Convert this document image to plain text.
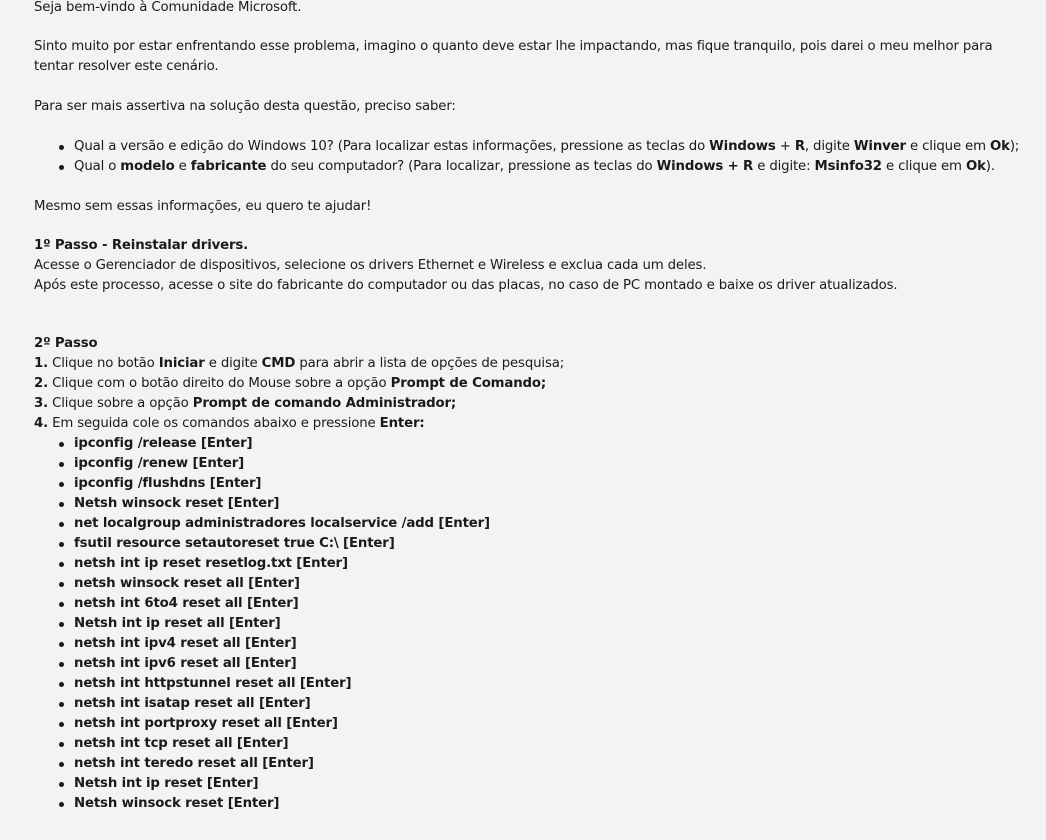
Seja bem-vindo à Comunidade Microsoft.
Sinto muito por estar enfrentando esse problema, imagino o quanto deve estar lhe impactando, mas fique tranquilo, pois darei o meu melhor para
tentar resolver este cenário.
Para ser mais assertiva na solução desta questão, preciso saber:
Qual a versão e edição do Windows 10? (Para localizar estas informações, pressione as teclas do Windows + R, digite Winver e clique em Ok);
Qual o modelo e fabricante do seu computador? (Para localizar, pressione as teclas do Windows + R e digite: Msinfo32 e clique em Ok).
Mesmo sem essas informações, eu quero te ajudar!
1º Passo - Reinstalar drivers.
Acesse o Gerenciador de dispositivos, selecione os drivers Ethernet e Wireless e exclua cada um deles.
Após este processo, acesse o site do fabricante do computador ou das placas, no caso de PC montado e baixe os driver atualizados.
2º Passo
1. Clique no botão Iniciar e digite CMD para abrir a lista de opções de pesquisa;
2. Clique com o botão direito do Mouse sobre a opção Prompt de Comando;
3. Clique sobre a opção Prompt de comando Administrador;
4. Em seguida cole os comandos abaixo e pressione Enter:
ipconfig /release [Enter]
ipconfig /renew [Enter]
ipconfig /flushdns [Enter]
Netsh winsock reset [Enter]
net localgroup administradores localservice /add [Enter]
fsutil resource setautoreset true C:\ [Enter]
netsh int ip reset resetlog.txt [Enter]
netsh winsock reset all [Enter]
netsh int 6to4 reset all [Enter]
Netsh int ip reset all [Enter]
netsh int ipv4 reset all [Enter]
netsh int ipv6 reset all [Enter]
netsh int httpstunnel reset all [Enter]
netsh int isatap reset all [Enter]
netsh int portproxy reset all [Enter]
netsh int tcp reset all [Enter]
netsh int teredo reset all [Enter]
Netsh int ip reset [Enter]
Netsh winsock reset [Enter]
